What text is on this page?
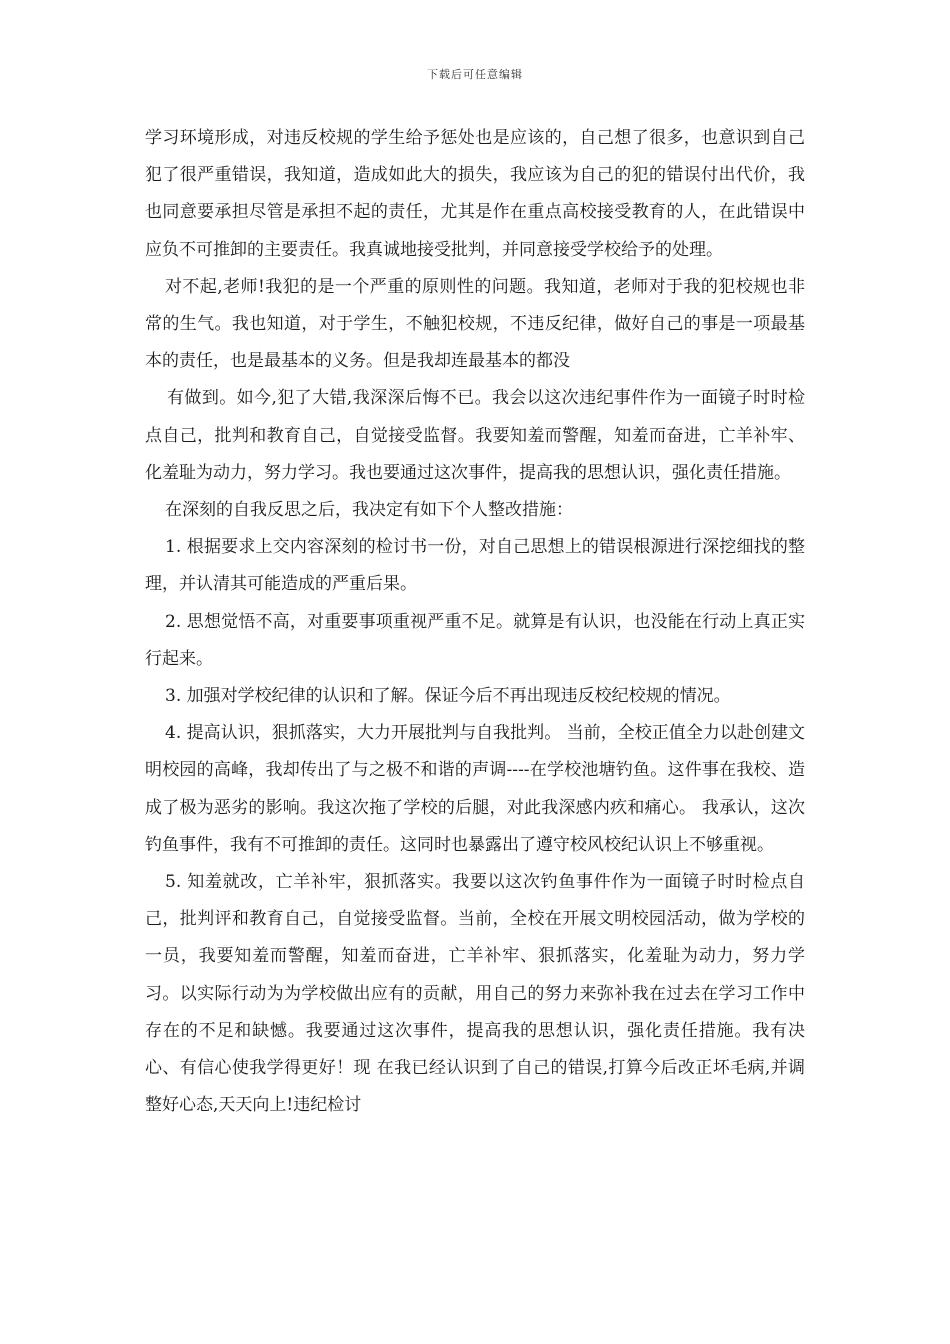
下载后可任意编辑

学习环境形成，对违反校规的学生给予惩处也是应该的，自己想了很多，也意识到自己犯了很严重错误，我知道，造成如此大的损失，我应该为自己的犯的错误付出代价，我也同意要承担尽管是承担不起的责任，尤其是作在重点高校接受教育的人，在此错误中应负不可推卸的主要责任。我真诚地接受批判，并同意接受学校给予的处理。

对不起,老师!我犯的是一个严重的原则性的问题。我知道，老师对于我的犯校规也非常的生气。我也知道，对于学生，不触犯校规，不违反纪律，做好自己的事是一项最基本的责任，也是最基本的义务。但是我却连最基本的都没

有做到。如今,犯了大错,我深深后悔不已。我会以这次违纪事件作为一面镜子时时检点自己，批判和教育自己，自觉接受监督。我要知羞而警醒，知羞而奋进，亡羊补牢、化羞耻为动力，努力学习。我也要通过这次事件，提高我的思想认识，强化责任措施。

在深刻的自我反思之后，我决定有如下个人整改措施：

1. 根据要求上交内容深刻的检讨书一份，对自己思想上的错误根源进行深挖细找的整理，并认清其可能造成的严重后果。

2. 思想觉悟不高，对重要事项重视严重不足。就算是有认识，也没能在行动上真正实行起来。

3. 加强对学校纪律的认识和了解。保证今后不再出现违反校纪校规的情况。

4. 提高认识，狠抓落实，大力开展批判与自我批判。 当前，全校正值全力以赴创建文明校园的高峰，我却传出了与之极不和谐的声调----在学校池塘钓鱼。这件事在我校、造成了极为恶劣的影响。我这次拖了学校的后腿，对此我深感内疚和痛心。 我承认，这次钓鱼事件，我有不可推卸的责任。这同时也暴露出了遵守校风校纪认识上不够重视。

5. 知羞就改，亡羊补牢，狠抓落实。我要以这次钓鱼事件作为一面镜子时时检点自己，批判评和教育自己，自觉接受监督。当前，全校在开展文明校园活动，做为学校的一员，我要知羞而警醒，知羞而奋进，亡羊补牢、狠抓落实，化羞耻为动力，努力学习。以实际行动为为学校做出应有的贡献，用自己的努力来弥补我在过去在学习工作中存在的不足和缺憾。我要通过这次事件，提高我的思想认识，强化责任措施。我有决心、有信心使我学得更好！现 在我已经认识到了自己的错误,打算今后改正坏毛病,并调整好心态,天天向上!违纪检讨
